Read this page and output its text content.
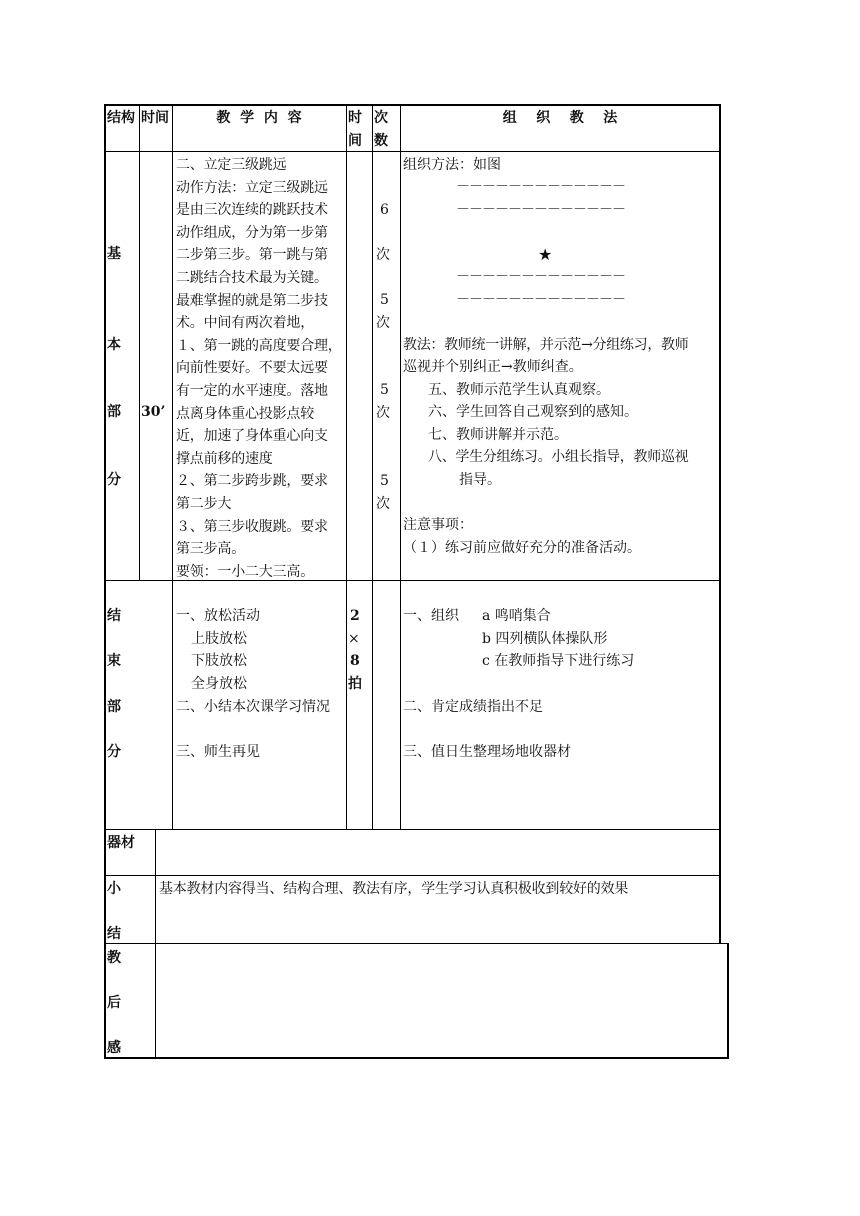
结构 时间	教  学  内  容	时间
次数
组    织    教    法
基
本
部
分
30’
二、立定三级跳远
动作方法：立定三级跳远
是由三次连续的跳跃技术
动作组成，分为第一步第
二步第三步。第一跳与第
二跳结合技术最为关键。
最难掌握的就是第二步技
术。中间有两次着地，
１、第一跳的高度要合理，
向前性要好。不要太远要
有一定的水平速度。落地
点离身体重心投影点较
近，加速了身体重心向支
撑点前移的速度
２、第二步跨步跳，要求
第二步大
３、第三步收腹跳。要求
第三步高。
要领：一小二大三高。
6
次
5
次
5
次
5
次
组织方法：如图
－－－－－－－－－－－－－
－－－－－－－－－－－－－
★
－－－－－－－－－－－－－
－－－－－－－－－－－－－
教法：教师统一讲解，并示范→分组练习，教师
巡视并个别纠正→教师纠查。
五、教师示范学生认真观察。
六、学生回答自己观察到的感知。
七、教师讲解并示范。
八、学生分组练习。小组长指导，教师巡视
指导。
注意事项：
（１）练习前应做好充分的准备活动。
结
束
部
分
一、放松活动
上肢放松
下肢放松
全身放松
二、小结本次课学习情况
三、师生再见
2
×
8
拍
一、组织 a 鸣哨集合
b 四列横队体操队形
c 在教师指导下进行练习
二、肯定成绩指出不足
三、值日生整理场地收器材
器材
小
结
基本教材内容得当、结构合理、教法有序，学生学习认真积极收到较好的效果
教
后
感
